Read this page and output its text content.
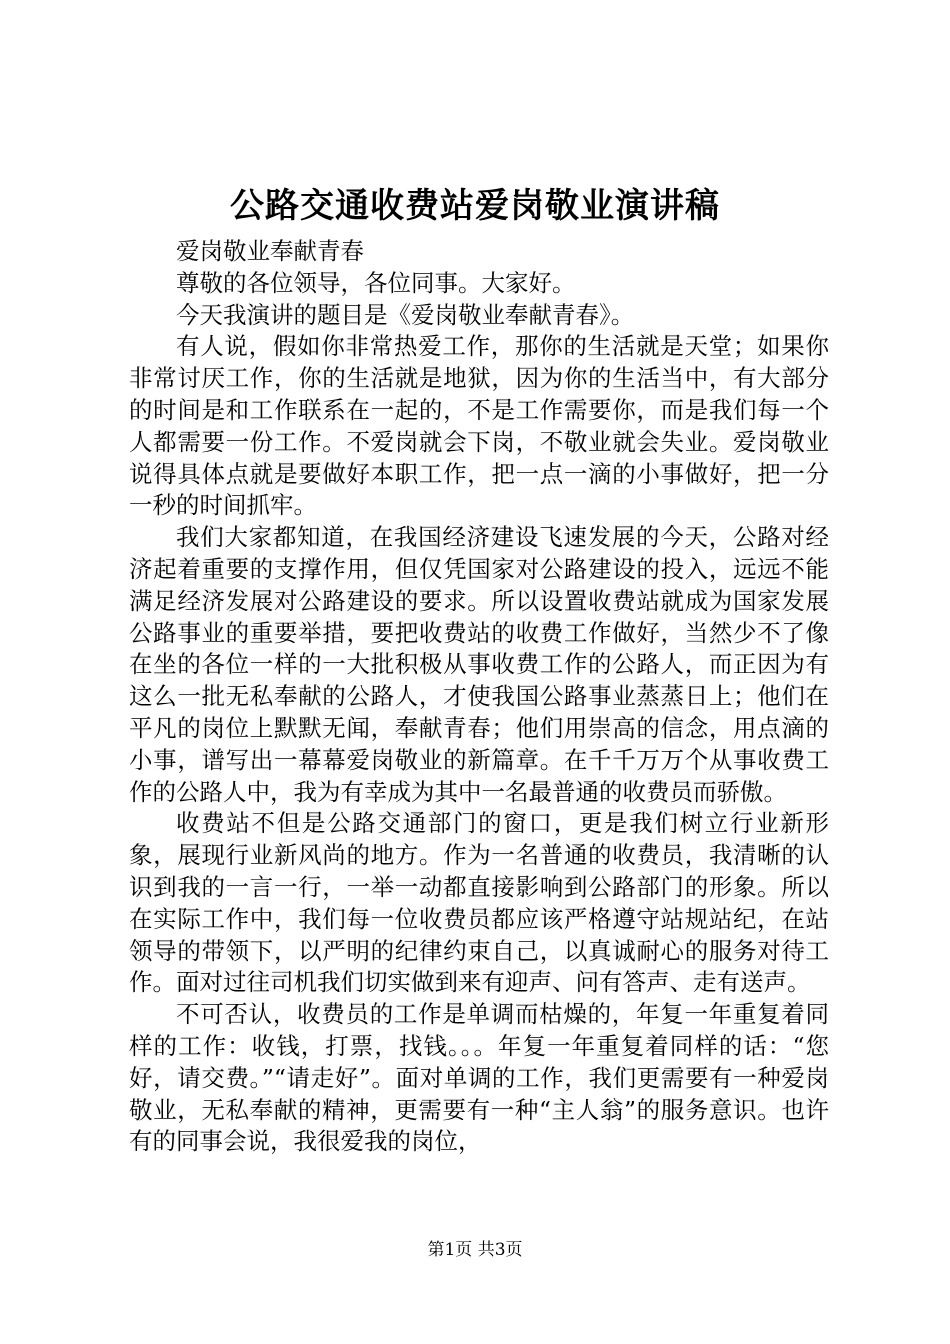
公路交通收费站爱岗敬业演讲稿

爱岗敬业奉献青春

尊敬的各位领导，各位同事。大家好。

今天我演讲的题目是《爱岗敬业奉献青春》。

有人说，假如你非常热爱工作，那你的生活就是天堂；如果你非常讨厌工作，你的生活就是地狱，因为你的生活当中，有大部分的时间是和工作联系在一起的，不是工作需要你，而是我们每一个人都需要一份工作。不爱岗就会下岗，不敬业就会失业。爱岗敬业说得具体点就是要做好本职工作，把一点一滴的小事做好，把一分一秒的时间抓牢。

我们大家都知道，在我国经济建设飞速发展的今天，公路对经济起着重要的支撑作用，但仅凭国家对公路建设的投入，远远不能满足经济发展对公路建设的要求。所以设置收费站就成为国家发展公路事业的重要举措，要把收费站的收费工作做好，当然少不了像在坐的各位一样的一大批积极从事收费工作的公路人，而正因为有这么一批无私奉献的公路人，才使我国公路事业蒸蒸日上；他们在平凡的岗位上默默无闻，奉献青春；他们用崇高的信念，用点滴的小事，谱写出一幕幕爱岗敬业的新篇章。在千千万万个从事收费工作的公路人中，我为有幸成为其中一名最普通的收费员而骄傲。

收费站不但是公路交通部门的窗口，更是我们树立行业新形象，展现行业新风尚的地方。作为一名普通的收费员，我清晰的认识到我的一言一行，一举一动都直接影响到公路部门的形象。所以在实际工作中，我们每一位收费员都应该严格遵守站规站纪，在站领导的带领下，以严明的纪律约束自己，以真诚耐心的服务对待工作。面对过往司机我们切实做到来有迎声、问有答声、走有送声。

不可否认，收费员的工作是单调而枯燥的，年复一年重复着同样的工作：收钱，打票，找钱。。。年复一年重复着同样的话：“您好，请交费。”“请走好”。面对单调的工作，我们更需要有一种爱岗敬业，无私奉献的精神，更需要有一种“主人翁”的服务意识。也许有的同事会说，我很爱我的岗位，

第1页 共3页
